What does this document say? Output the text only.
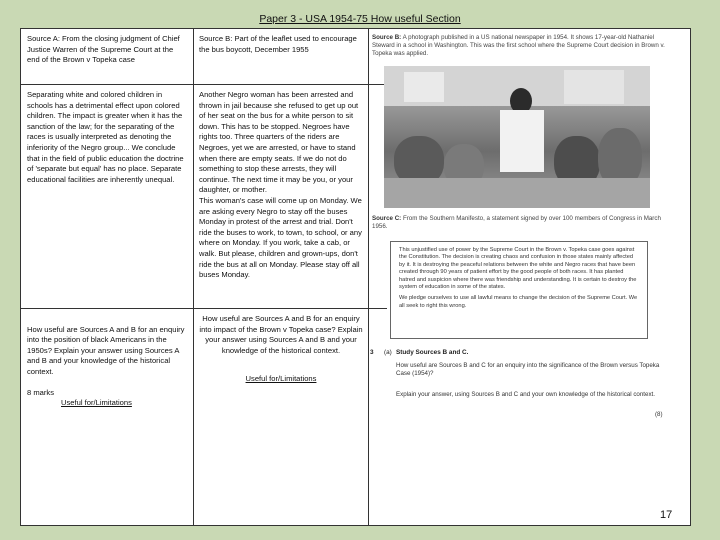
Paper 3 - USA 1954-75 How useful Section
Source A: From the closing judgment of Chief Justice Warren of the Supreme Court at the end of the Brown v Topeka case
Source B: Part of the leaflet used to encourage the bus boycott, December 1955
Separating white and colored children in schools has a detrimental effect upon colored children. The impact is greater when it has the sanction of the law; for the separating of the races is usually interpreted as denoting the inferiority of the Negro group... We conclude that in the field of public education the doctrine of 'separate but equal' has no place. Separate educational facilities are inherently unequal.
Another Negro woman has been arrested and thrown in jail because she refused to get up out of her seat on the bus for a white person to sit down. This has to be stopped. Negroes have rights too. Three quarters of the riders are Negroes, yet we are arrested, or have to stand when there are empty seats. If we do not do something to stop these arrests, they will continue. The next time it may be you, or your daughter, or mother.
This woman's case will come up on Monday. We are asking every Negro to stay off the buses Monday in protest of the arrest and trial. Don't ride the buses to work, to town, to school, or any where on Monday. If you work, take a cab, or walk. But please, children and grown-ups, don't ride the bus at all on Monday. Please stay off all buses Monday.

How useful are Sources A and B for an enquiry into the position of black Americans in the 1950s? Explain your answer using Sources A and B and your knowledge of the historical context.

8 marks

Useful for/Limitations
How useful are Sources A and B for an enquiry into impact of the Brown v Topeka case? Explain your answer using Sources A and B and your knowledge of the historical context.
Useful for/Limitations
Source B: A photograph published in a US national newspaper in 1954. It shows 17-year-old Nathaniel Steward in a school in Washington. This was the first school where the Supreme Court decision in Brown v. Topeka was applied.
Source C: From the Southern Manifesto, a statement signed by over 100 members of Congress in March 1956.
This unjustified use of power by the Supreme Court in the Brown v. Topeka case goes against the Constitution. The decision is creating chaos and confusion in those states mainly affected by it. It is destroying the peaceful relations between the white and Negro races that have been created through 90 years of patient effort by the good people of both races. It has planted hatred and suspicion where there was friendship and understanding. It is certain to destroy the system of education in some of the states.
We pledge ourselves to use all lawful means to change the decision of the Supreme Court. We all seek to right this wrong.
3 (a) Study Sources B and C.
How useful are Sources B and C for an enquiry into the significance of the Brown versus Topeka Case (1954)?
Explain your answer, using Sources B and C and your own knowledge of the historical context.
(8)
17
